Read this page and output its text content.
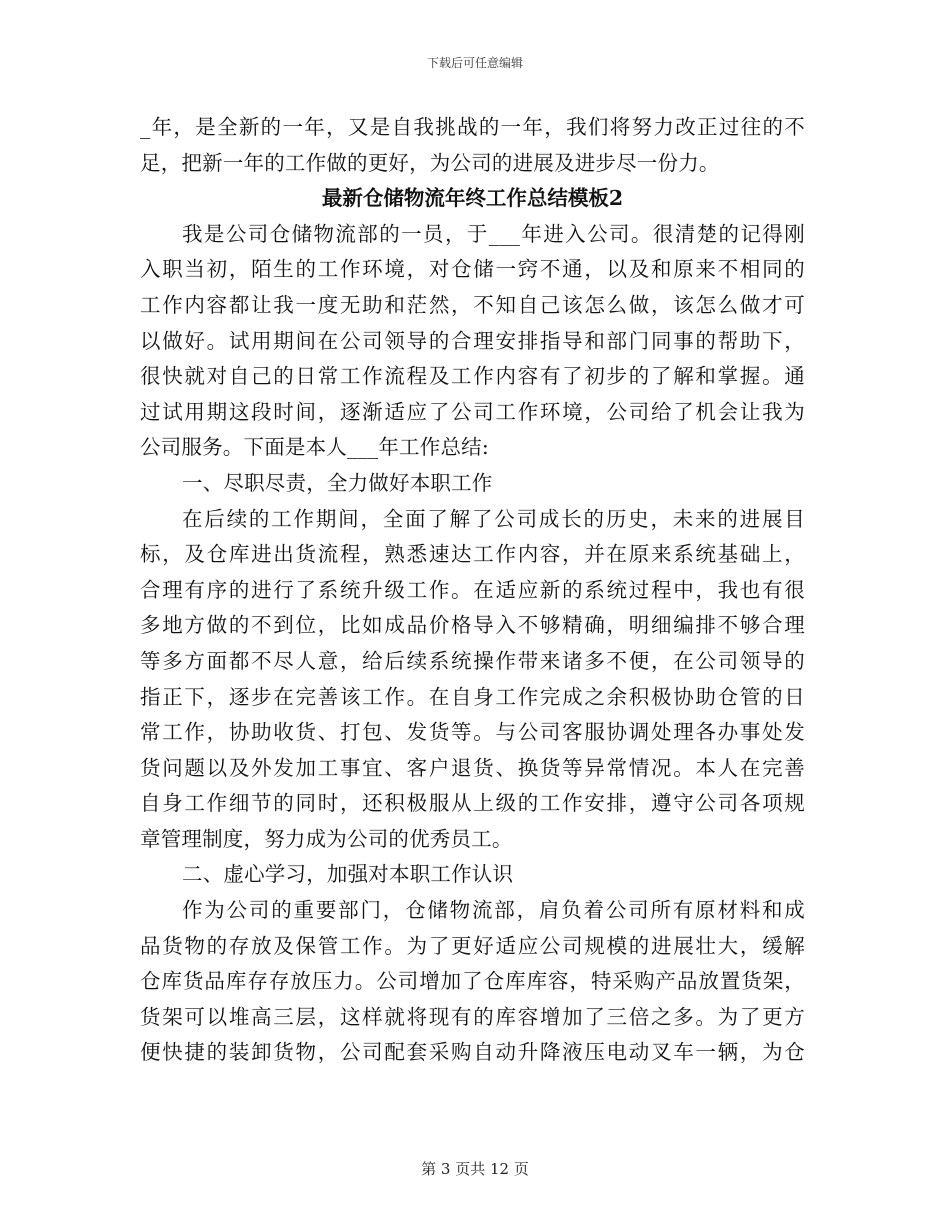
下载后可任意编辑
_年，是全新的一年，又是自我挑战的一年，我们将努力改正过往的不
足，把新一年的工作做的更好，为公司的进展及进步尽一份力。
最新仓储物流年终工作总结模板2
我是公司仓储物流部的一员，于___年进入公司。很清楚的记得刚
入职当初，陌生的工作环境，对仓储一窍不通，以及和原来不相同的
工作内容都让我一度无助和茫然，不知自己该怎么做，该怎么做才可
以做好。试用期间在公司领导的合理安排指导和部门同事的帮助下，
很快就对自己的日常工作流程及工作内容有了初步的了解和掌握。通
过试用期这段时间，逐渐适应了公司工作环境，公司给了机会让我为
公司服务。下面是本人___年工作总结:
一、尽职尽责，全力做好本职工作
在后续的工作期间，全面了解了公司成长的历史，未来的进展目
标，及仓库进出货流程，熟悉速达工作内容，并在原来系统基础上，
合理有序的进行了系统升级工作。在适应新的系统过程中，我也有很
多地方做的不到位，比如成品价格导入不够精确，明细编排不够合理
等多方面都不尽人意，给后续系统操作带来诸多不便，在公司领导的
指正下，逐步在完善该工作。在自身工作完成之余积极协助仓管的日
常工作，协助收货、打包、发货等。与公司客服协调处理各办事处发
货问题以及外发加工事宜、客户退货、换货等异常情况。本人在完善
自身工作细节的同时，还积极服从上级的工作安排，遵守公司各项规
章管理制度，努力成为公司的优秀员工。
二、虚心学习，加强对本职工作认识
作为公司的重要部门，仓储物流部，肩负着公司所有原材料和成
品货物的存放及保管工作。为了更好适应公司规模的进展壮大，缓解
仓库货品库存存放压力。公司增加了仓库库容，特采购产品放置货架，
货架可以堆高三层，这样就将现有的库容增加了三倍之多。为了更方
便快捷的装卸货物，公司配套采购自动升降液压电动叉车一辆，为仓
第 3 页共 12 页
